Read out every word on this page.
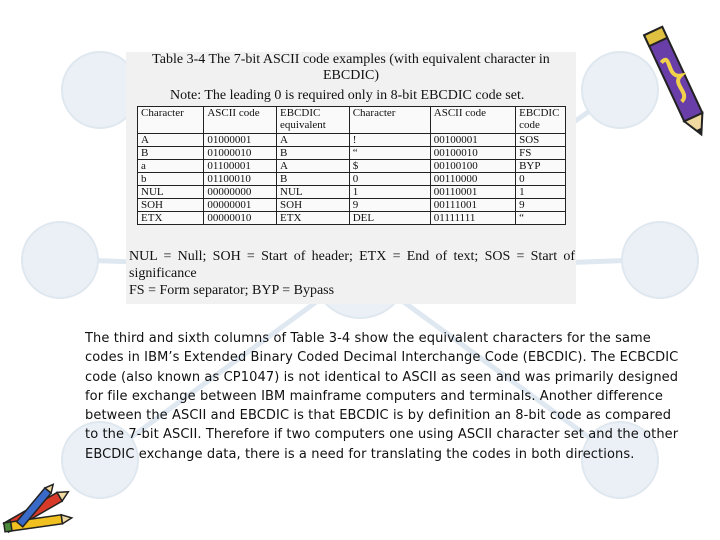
Table 3-4 The 7-bit ASCII code examples (with equivalent character in EBCDIC)
Note: The leading 0 is required only in 8-bit EBCDIC code set.
Character	ASCII code	EBCDIC equivalent	Character	ASCII code	EBCDIC code
A	01000001	A	!	00100001	SOS
B	01000010	B	“	00100010	FS
a	01100001	A	$	00100100	BYP
b	01100010	B	0	00110000	0
NUL	00000000	NUL	1	00110001	1
SOH	00000001	SOH	9	00111001	9
ETX	00000010	ETX	DEL	01111111	“
NUL = Null; SOH = Start of header; ETX = End of text; SOS = Start of significance
FS = Form separator; BYP = Bypass
The third and sixth columns of Table 3-4 show the equivalent characters for the same codes in IBM’s Extended Binary Coded Decimal Interchange Code (EBCDIC). The ECBCDIC code (also known as CP1047) is not identical to ASCII as seen and was primarily designed for file exchange between IBM mainframe computers and terminals. Another difference between the ASCII and EBCDIC is that EBCDIC is by definition an 8-bit code as compared to the 7-bit ASCII. Therefore if two computers one using ASCII character set and the other EBCDIC exchange data, there is a need for translating the codes in both directions.
